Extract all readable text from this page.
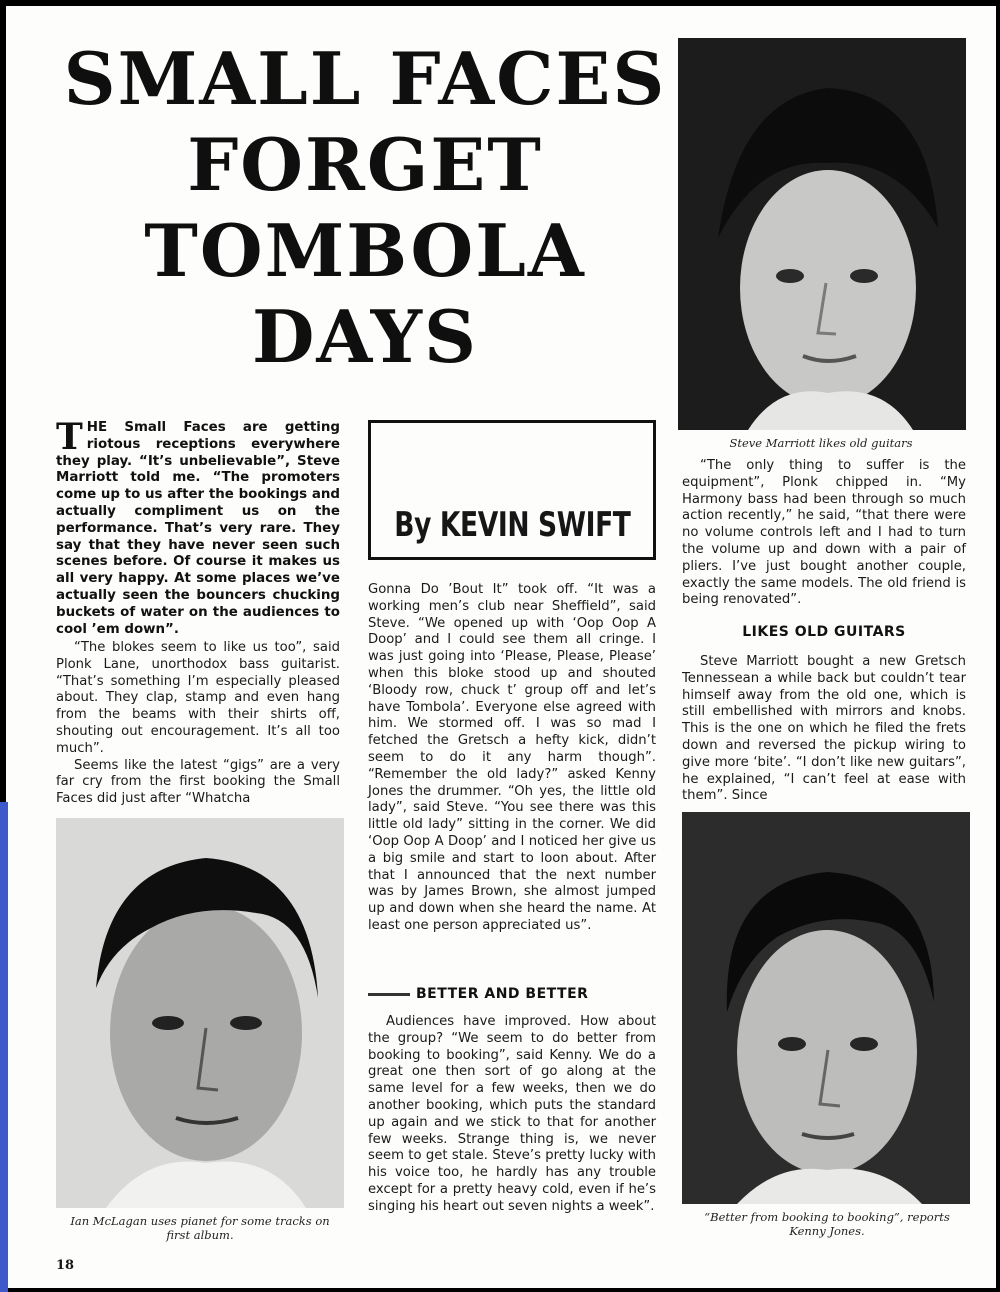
SMALL FACES
FORGET
TOMBOLA
DAYS
Steve Marriott likes old guitars
T HE Small Faces are getting riotous receptions everywhere they play. “It’s unbelievable”, Steve Marriott told me. “The promoters come up to us after the bookings and actually compliment us on the performance. That’s very rare. They say that they have never seen such scenes before. Of course it makes us all very happy. At some places we’ve actually seen the bouncers chucking buckets of water on the audiences to cool ’em down”.

“The blokes seem to like us too”, said Plonk Lane, unorthodox bass guitarist. “That’s something I’m especially pleased about. They clap, stamp and even hang from the beams with their shirts off, shouting out encouragement. It’s all too much”.

Seems like the latest “gigs” are a very far cry from the first booking the Small Faces did just after “Whatcha

Ian McLagan uses pianet for some tracks on first album.
By KEVIN SWIFT

Gonna Do ’Bout It” took off. “It was a working men’s club near Sheffield”, said Steve. “We opened up with ‘Oop Oop A Doop’ and I could see them all cringe. I was just going into ‘Please, Please, Please’ when this bloke stood up and shouted ‘Bloody row, chuck t’ group off and let’s have Tombola’. Everyone else agreed with him. We stormed off. I was so mad I fetched the Gretsch a hefty kick, didn’t seem to do it any harm though”. “Remember the old lady?” asked Kenny Jones the drummer. “Oh yes, the little old lady”, said Steve. “You see there was this little old lady” sitting in the corner. We did ‘Oop Oop A Doop’ and I noticed her give us a big smile and start to loon about. After that I announced that the next number was by James Brown, she almost jumped up and down when she heard the name. At least one person appreciated us”.

BETTER AND BETTER

Audiences have improved. How about the group? “We seem to do better from booking to booking”, said Kenny. We do a great one then sort of go along at the same level for a few weeks, then we do another booking, which puts the standard up again and we stick to that for another few weeks. Strange thing is, we never seem to get stale. Steve’s pretty lucky with his voice too, he hardly has any trouble except for a pretty heavy cold, even if he’s singing his heart out seven nights a week”.

“The only thing to suffer is the equipment”, Plonk chipped in. “My Harmony bass had been through so much action recently,” he said, “that there were no volume controls left and I had to turn the volume up and down with a pair of pliers. I’ve just bought another couple, exactly the same models. The old friend is being renovated”.

LIKES OLD GUITARS

Steve Marriott bought a new Gretsch Tennessean a while back but couldn’t tear himself away from the old one, which is still embellished with mirrors and knobs. This is the one on which he filed the frets down and reversed the pickup wiring to give more ‘bite’. “I don’t like new guitars”, he explained, “I can’t feel at ease with them”. Since

“Better from booking to booking”, reports Kenny Jones.
18
